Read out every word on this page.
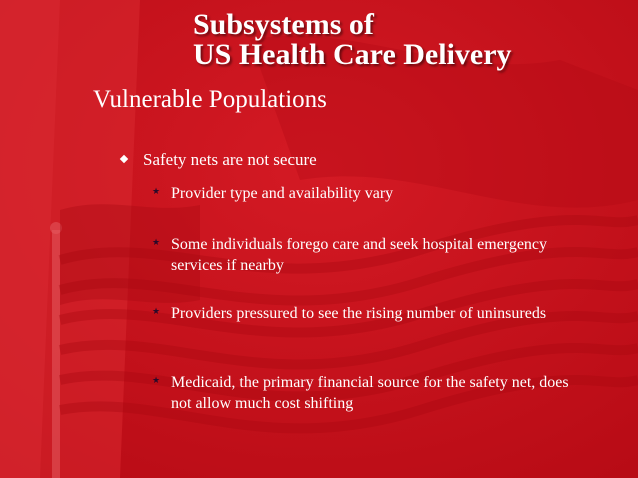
Subsystems of
US Health Care Delivery
Vulnerable Populations
Safety nets are not secure
★ Provider type and availability vary
★ Some individuals forego care and seek hospital emergency services if nearby
★ Providers pressured to see the rising number of uninsureds
★ Medicaid, the primary financial source for the safety net, does not allow much cost shifting
